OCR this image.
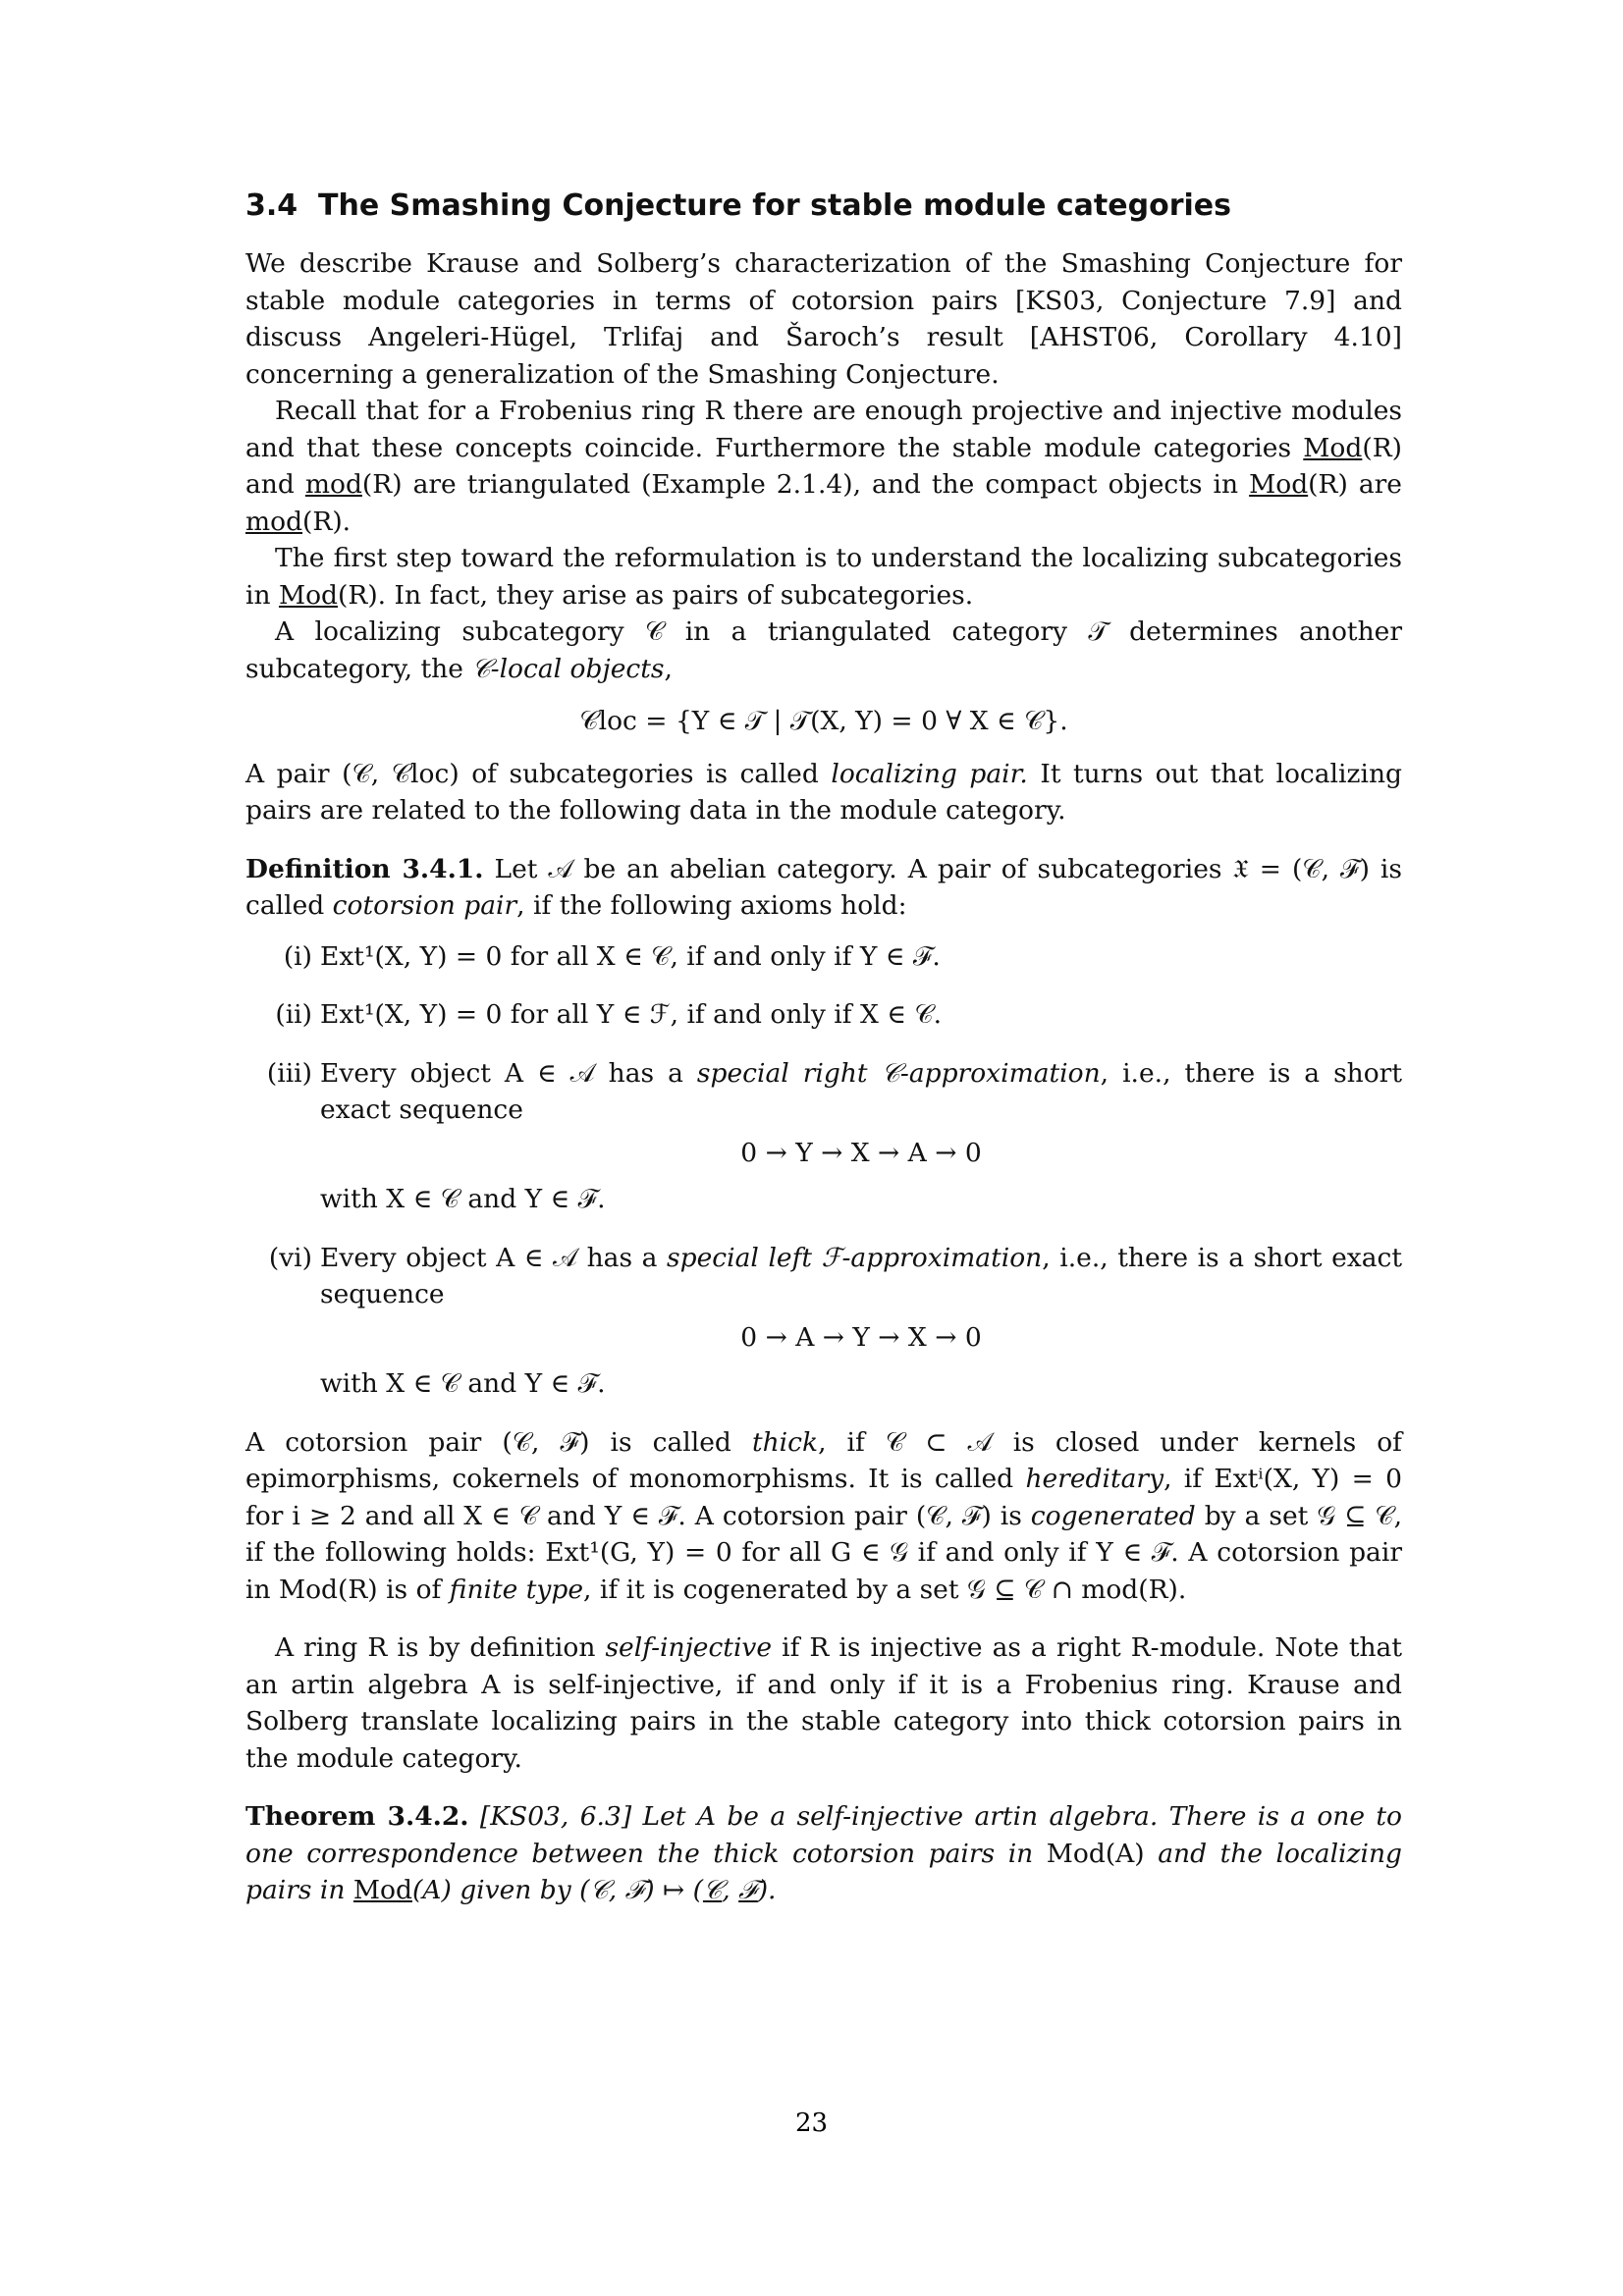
3.4 The Smashing Conjecture for stable module categories

We describe Krause and Solberg’s characterization of the Smashing Conjecture for stable module categories in terms of cotorsion pairs [KS03, Conjecture 7.9] and discuss Angeleri-Hügel, Trlifaj and Šaroch’s result [AHST06, Corollary 4.10] concerning a generalization of the Smashing Conjecture.

Recall that for a Frobenius ring R there are enough projective and injective modules and that these concepts coincide. Furthermore the stable module categories Mod(R) and mod(R) are triangulated (Example 2.1.4), and the compact objects in Mod(R) are mod(R).

The first step toward the reformulation is to understand the localizing subcategories in Mod(R). In fact, they arise as pairs of subcategories.

A localizing subcategory 𝒞 in a triangulated category 𝒯 determines another subcategory, the 𝒞-local objects,

𝒞loc = {Y ∈ 𝒯 | 𝒯(X, Y) = 0 ∀ X ∈ 𝒞}.

A pair (𝒞, 𝒞loc) of subcategories is called localizing pair. It turns out that localizing pairs are related to the following data in the module category.

Definition 3.4.1. Let 𝒜 be an abelian category. A pair of subcategories 𝔛 = (𝒞, ℱ) is called cotorsion pair, if the following axioms hold:

(i) Ext¹(X, Y) = 0 for all X ∈ 𝒞, if and only if Y ∈ ℱ.
(ii) Ext¹(X, Y) = 0 for all Y ∈ ℱ, if and only if X ∈ 𝒞.
(iii) Every object A ∈ 𝒜 has a special right 𝒞-approximation, i.e., there is a short exact sequence
0 → Y → X → A → 0
with X ∈ 𝒞 and Y ∈ ℱ.
(vi) Every object A ∈ 𝒜 has a special left ℱ-approximation, i.e., there is a short exact sequence
0 → A → Y → X → 0
with X ∈ 𝒞 and Y ∈ ℱ.

A cotorsion pair (𝒞, ℱ) is called thick, if 𝒞 ⊂ 𝒜 is closed under kernels of epimorphisms, cokernels of monomorphisms. It is called hereditary, if Extⁱ(X, Y) = 0 for i ≥ 2 and all X ∈ 𝒞 and Y ∈ ℱ. A cotorsion pair (𝒞, ℱ) is cogenerated by a set 𝒢 ⊆ 𝒞, if the following holds: Ext¹(G, Y) = 0 for all G ∈ 𝒢 if and only if Y ∈ ℱ. A cotorsion pair in Mod(R) is of finite type, if it is cogenerated by a set 𝒢 ⊆ 𝒞 ∩ mod(R).

A ring R is by definition self-injective if R is injective as a right R-module. Note that an artin algebra A is self-injective, if and only if it is a Frobenius ring. Krause and Solberg translate localizing pairs in the stable category into thick cotorsion pairs in the module category.

Theorem 3.4.2. [KS03, 6.3] Let A be a self-injective artin algebra. There is a one to one correspondence between the thick cotorsion pairs in Mod(A) and the localizing pairs in Mod(A) given by (𝒞, ℱ) ↦ (𝒞, ℱ).

23
